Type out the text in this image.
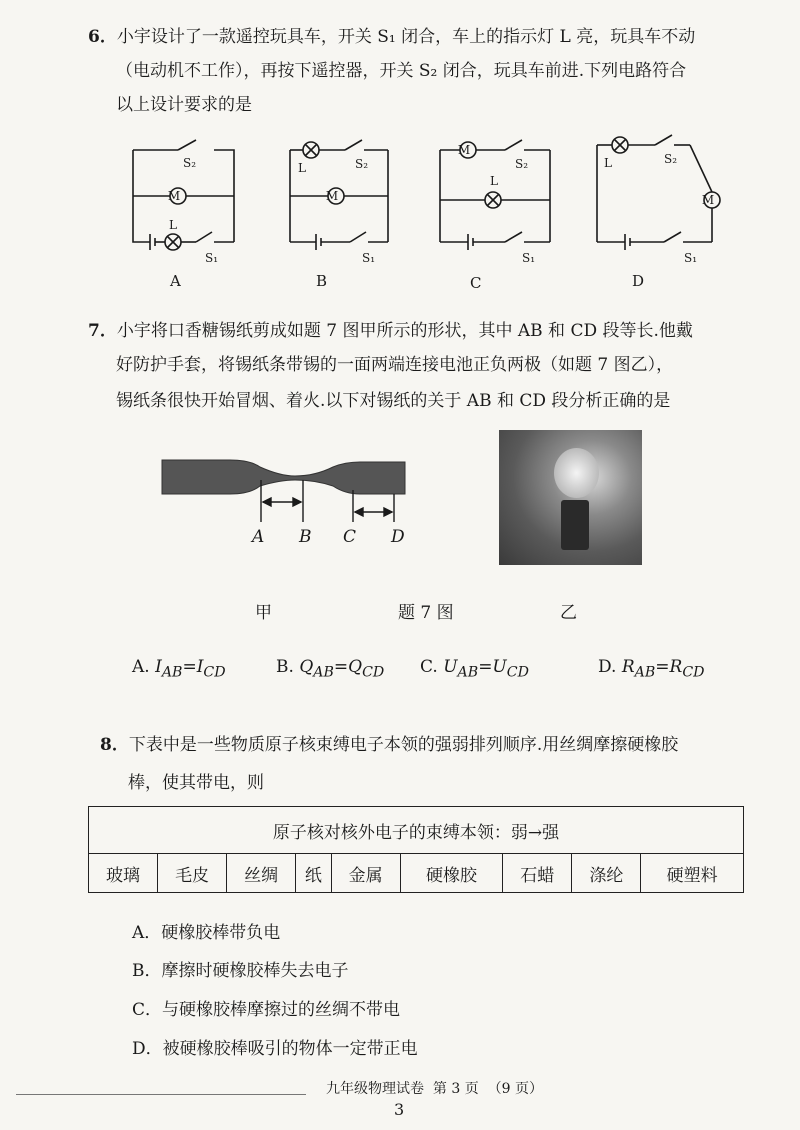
6．小宇设计了一款遥控玩具车，开关 S₁ 闭合，车上的指示灯 L 亮，玩具车不动
（电动机不工作），再按下遥控器，开关 S₂ 闭合，玩具车前进.下列电路符合
以上设计要求的是
M
S₂
L
S₁
A
M
L	S₂
S₁
B
M
L
S₂
S₁
C
M
L	S₂
S₁
D
7．小宇将口香糖锡纸剪成如题 7 图甲所示的形状，其中 AB 和 CD 段等长.他戴
好防护手套，将锡纸条带锡的一面两端连接电池正负两极（如题 7 图乙），
锡纸条很快开始冒烟、着火.以下对锡纸的关于 AB 和 CD 段分析正确的是
A B C D
甲	题 7 图	乙
A. $I_{AB}=I_{CD}$	B. $Q_{AB}=Q_{CD}$ C. $U_{AB}=U_{CD}$	D. $R_{AB}=R_{CD}$
8．下表中是一些物质原子核束缚电子本领的强弱排列顺序.用丝绸摩擦硬橡胶
棒，使其带电，则
原子核对核外电子的束缚本领：弱→强
玻璃	毛皮	丝绸	纸	金属	硬橡胶	石蜡	涤纶	硬塑料
A．硬橡胶棒带负电
B．摩擦时硬橡胶棒失去电子
C．与硬橡胶棒摩擦过的丝绸不带电
D．被硬橡胶棒吸引的物体一定带正电
九年级物理试卷 第 3 页 （9 页）
3
